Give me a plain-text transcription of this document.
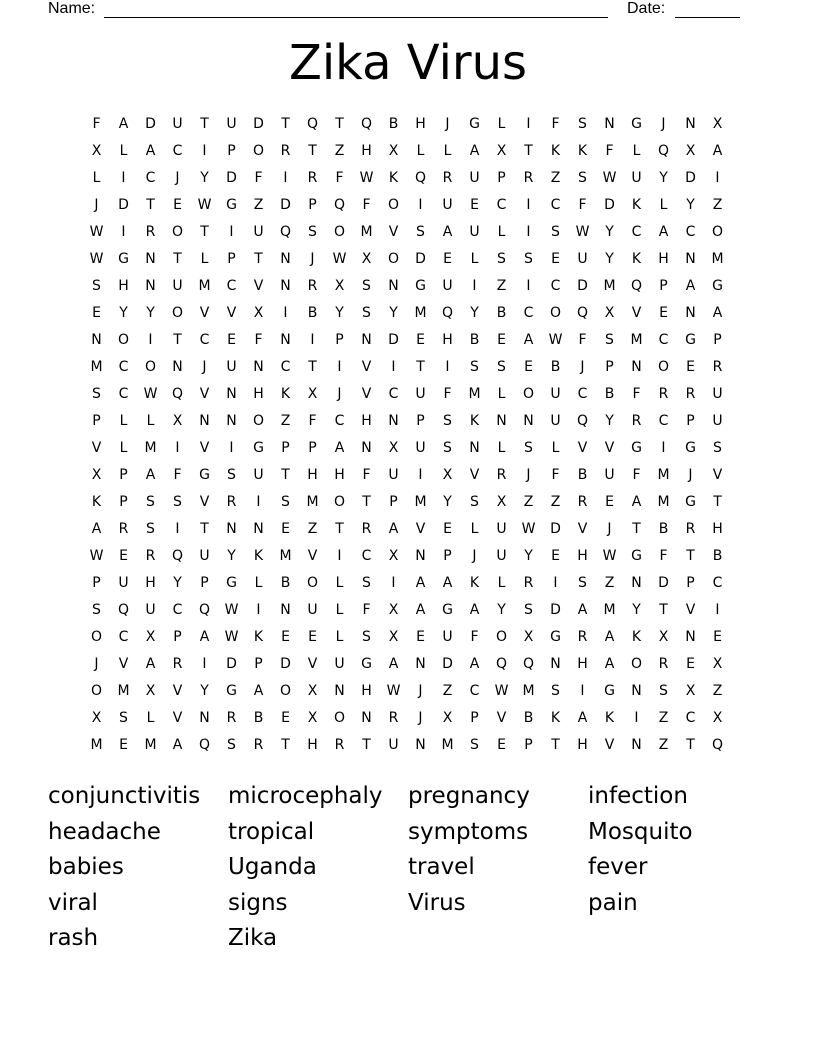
Name:	Date:
Zika Virus
F	A	D	U	T	U	D	T	Q	T	Q	B	H	J	G	L	I	F	S	N	G	J	N	X
X	L	A	C	I	P	O	R	T	Z	H	X	L	L	A	X	T	K	K	F	L	Q	X	A
L	I	C	J	Y	D	F	I	R	F	W	K	Q	R	U	P	R	Z	S	W	U	Y	D	I
J	D	T	E	W	G	Z	D	P	Q	F	O	I	U	E	C	I	C	F	D	K	L	Y	Z
W	I	R	O	T	I	U	Q	S	O	M	V	S	A	U	L	I	S	W	Y	C	A	C	O
W	G	N	T	L	P	T	N	J	W	X	O	D	E	L	S	S	E	U	Y	K	H	N	M
S	H	N	U	M	C	V	N	R	X	S	N	G	U	I	Z	I	C	D	M	Q	P	A	G
E	Y	Y	O	V	V	X	I	B	Y	S	Y	M	Q	Y	B	C	O	Q	X	V	E	N	A
N	O	I	T	C	E	F	N	I	P	N	D	E	H	B	E	A	W	F	S	M	C	G	P
M	C	O	N	J	U	N	C	T	I	V	I	T	I	S	S	E	B	J	P	N	O	E	R
S	C	W	Q	V	N	H	K	X	J	V	C	U	F	M	L	O	U	C	B	F	R	R	U
P	L	L	X	N	N	O	Z	F	C	H	N	P	S	K	N	N	U	Q	Y	R	C	P	U
V	L	M	I	V	I	G	P	P	A	N	X	U	S	N	L	S	L	V	V	G	I	G	S
X	P	A	F	G	S	U	T	H	H	F	U	I	X	V	R	J	F	B	U	F	M	J	V
K	P	S	S	V	R	I	S	M	O	T	P	M	Y	S	X	Z	Z	R	E	A	M	G	T
A	R	S	I	T	N	N	E	Z	T	R	A	V	E	L	U	W	D	V	J	T	B	R	H
W	E	R	Q	U	Y	K	M	V	I	C	X	N	P	J	U	Y	E	H	W	G	F	T	B
P	U	H	Y	P	G	L	B	O	L	S	I	A	A	K	L	R	I	S	Z	N	D	P	C
S	Q	U	C	Q	W	I	N	U	L	F	X	A	G	A	Y	S	D	A	M	Y	T	V	I
O	C	X	P	A	W	K	E	E	L	S	X	E	U	F	O	X	G	R	A	K	X	N	E
J	V	A	R	I	D	P	D	V	U	G	A	N	D	A	Q	Q	N	H	A	O	R	E	X
O	M	X	V	Y	G	A	O	X	N	H	W	J	Z	C	W	M	S	I	G	N	S	X	Z
X	S	L	V	N	R	B	E	X	O	N	R	J	X	P	V	B	K	A	K	I	Z	C	X
M	E	M	A	Q	S	R	T	H	R	T	U	N	M	S	E	P	T	H	V	N	Z	T	Q
conjunctivitis	microcephaly	pregnancy	infection
headache	tropical	symptoms	Mosquito
babies	Uganda	travel	fever
viral	signs	Virus	pain
rash	Zika
